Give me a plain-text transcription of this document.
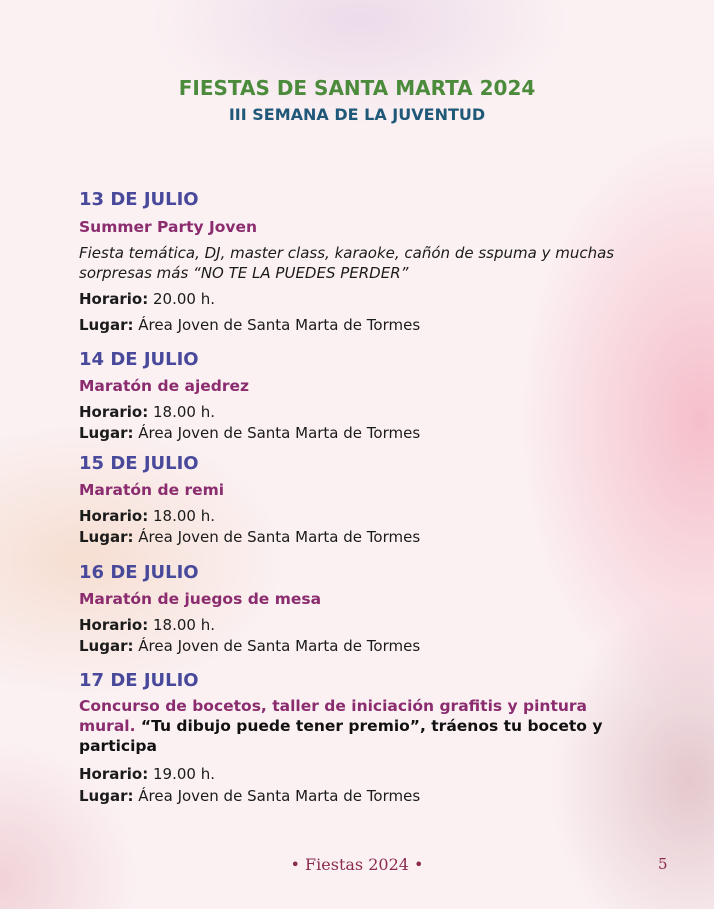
FIESTAS DE SANTA MARTA 2024
III SEMANA DE LA JUVENTUD
13 DE JULIO
Summer Party Joven
Fiesta temática, DJ, master class, karaoke, cañón de sspuma y muchas
sorpresas más “NO TE LA PUEDES PERDER”
Horario: 20.00 h.
Lugar: Área Joven de Santa Marta de Tormes
14 DE JULIO
Maratón de ajedrez
Horario: 18.00 h.
Lugar: Área Joven de Santa Marta de Tormes
15 DE JULIO
Maratón de remi
Horario: 18.00 h.
Lugar: Área Joven de Santa Marta de Tormes
16 DE JULIO
Maratón de juegos de mesa
Horario: 18.00 h.
Lugar: Área Joven de Santa Marta de Tormes
17 DE JULIO
Concurso de bocetos, taller de iniciación grafitis y pintura
mural. “Tu dibujo puede tener premio”, tráenos tu boceto y
participa
Horario: 19.00 h.
Lugar: Área Joven de Santa Marta de Tormes
• Fiestas 2024 •	5
